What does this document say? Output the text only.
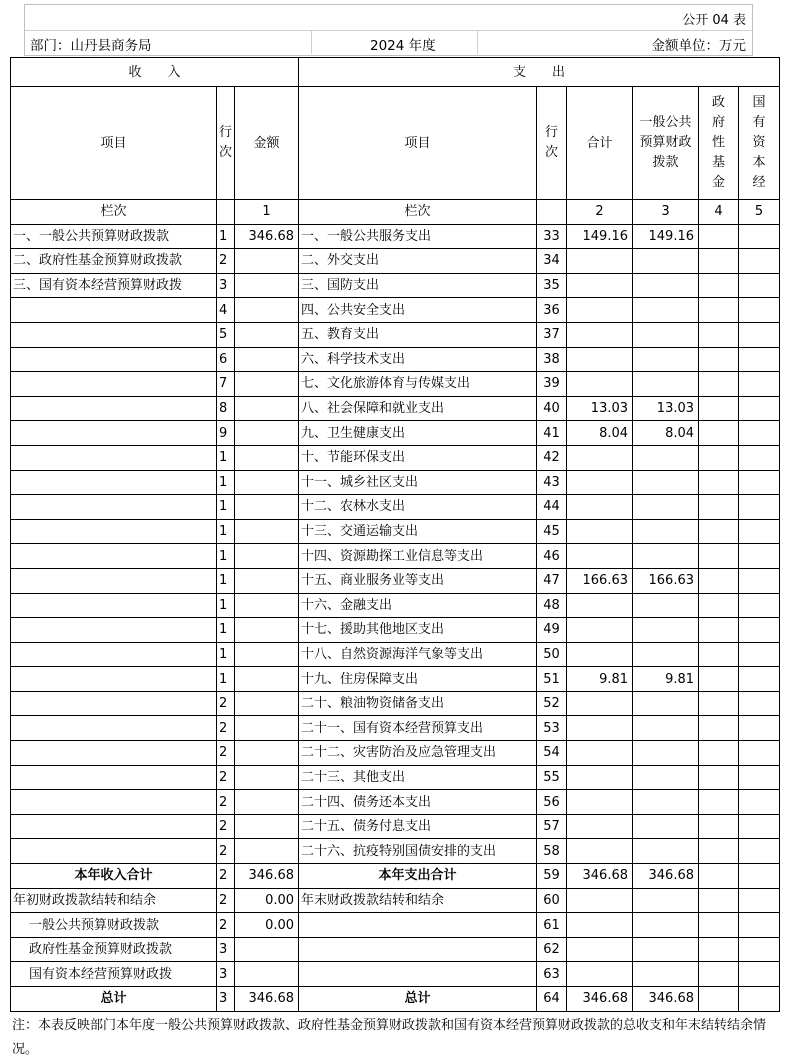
公开 04 表
部门：山丹县商务局	2024 年度	金额单位：万元
收　　入			支　　出					
项目	行次	金额	项目	行次	合计	一般公共预算财政拨款	政府性基金	国有资本经

栏次		1	栏次		2	3	4	5
一、一般公共预算财政拨款	1	346.68	一、一般公共服务支出	33	149.16	149.16		
二、政府性基金预算财政拨款	2		二、外交支出	34				
三、国有资本经营预算财政拨	3		三、国防支出	35				
	4		四、公共安全支出	36				
	5		五、教育支出	37				
	6		六、科学技术支出	38				
	7		七、文化旅游体育与传媒支出	39				
	8		八、社会保障和就业支出	40	13.03	13.03		
	9		九、卫生健康支出	41	8.04	8.04		
	1		十、节能环保支出	42				
	1		十一、城乡社区支出	43				
	1		十二、农林水支出	44				
	1		十三、交通运输支出	45				
	1		十四、资源勘探工业信息等支出	46				
	1		十五、商业服务业等支出	47	166.63	166.63		
	1		十六、金融支出	48				
	1		十七、援助其他地区支出	49				
	1		十八、自然资源海洋气象等支出	50				
	1		十九、住房保障支出	51	9.81	9.81		
	2		二十、粮油物资储备支出	52				
	2		二十一、国有资本经营预算支出	53				
	2		二十二、灾害防治及应急管理支出	54				
	2		二十三、其他支出	55				
	2		二十四、债务还本支出	56				
	2		二十五、债务付息支出	57				
	2		二十六、抗疫特别国债安排的支出	58				
本年收入合计	2	346.68	本年支出合计	59	346.68	346.68		
年初财政拨款结转和结余	2	0.00	年末财政拨款结转和结余	60				
一般公共预算财政拨款	2	0.00		61				
政府性基金预算财政拨款	3			62				
国有资本经营预算财政拨	3			63				
总计	3	346.68	总计	64	346.68	346.68		
注：本表反映部门本年度一般公共预算财政拨款、政府性基金预算财政拨款和国有资本经营预算财政拨款的总收支和年末结转结余情况。
